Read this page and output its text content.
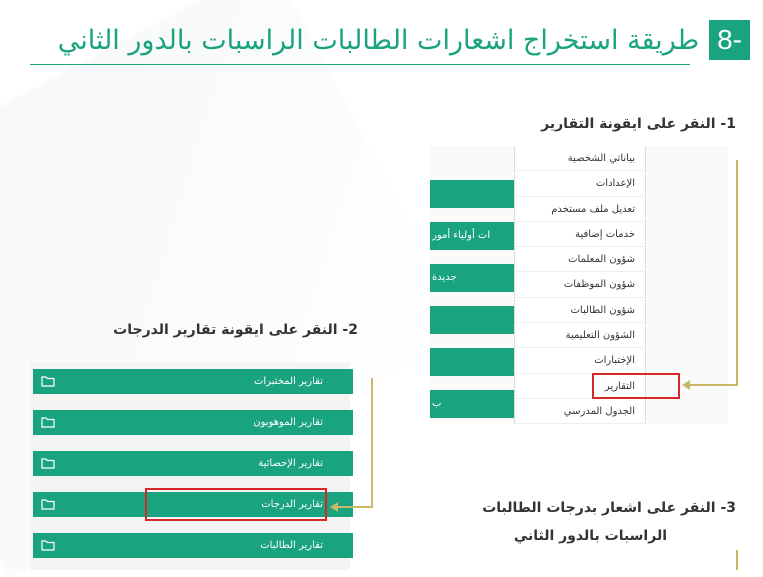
8-
طريقة استخراج اشعارات الطالبات الراسبات بالدور الثاني
1- النقر على ايقونة التقارير
2- النقر على ايقونة تقارير الدرجات
3- النقر على اشعار بدرجات الطالبات
الراسبات بالدور الثاني
ات أولياء أمور
جديدة
ب
بياناتي الشخصية
الإعدادات
تعديل ملف مستخدم
خدمات إضافية
شؤون المعلمات
شؤون الموظفات
شؤون الطالبات
الشؤون التعليمية
الإختبارات
التقارير
الجدول المدرسي
تقارير المختبرات
تقارير الموهوبون
تقارير الإحصائية
تقارير الدرجات
تقارير الطالبات
